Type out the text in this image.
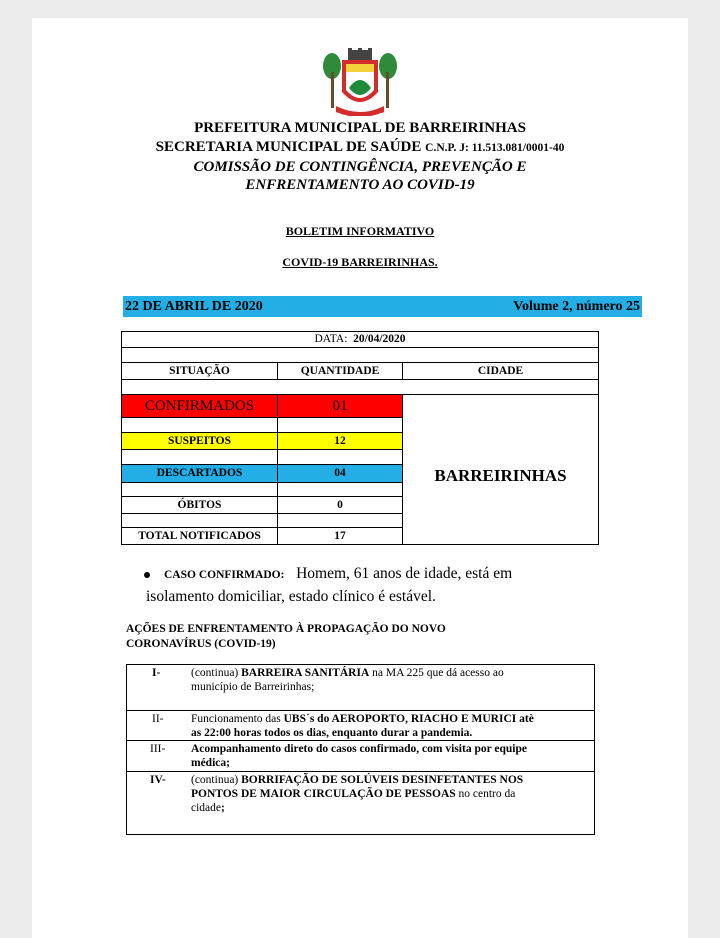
PREFEITURA MUNICIPAL DE BARREIRINHAS
SECRETARIA MUNICIPAL DE SAÚDE C.N.P. J: 11.513.081/0001-40
COMISSÃO DE CONTINGÊNCIA, PREVENÇÃO E
ENFRENTAMENTO AO COVID-19
BOLETIM INFORMATIVO
COVID-19 BARREIRINHAS.
22 DE ABRIL DE 2020	Volume 2, número 25
CONFIRMADOS	01
SUSPEITOS	12
DESCARTADOS	04
ÓBITOS	0
TOTAL NOTIFICADOS	17
DATA: 20/04/2020
SITUAÇÃO	QUANTIDADE	CIDADE
BARREIRINHAS
CASO CONFIRMADO: Homem, 61 anos de idade, está em
isolamento domiciliar, estado clínico é estável.
AÇÕES DE ENFRENTAMENTO À PROPAGAÇÃO DO NOVO
CORONAVÍRUS (COVID-19)
I-	(continua) BARREIRA SANITÁRIA na MA 225 que dá acesso ao
município de Barreirinhas;
II- Funcionamento das UBS´s do AEROPORTO, RIACHO E MURICI atè
as 22:00 horas todos os dias, enquanto durar a pandemia.
III- Acompanhamento direto do casos confirmado, com visita por equipe
médica;
IV- (continua) BORRIFAÇÃO DE SOLÚVEIS DESINFETANTES NOS
PONTOS DE MAIOR CIRCULAÇÃO DE PESSOAS no centro da
cidade;
